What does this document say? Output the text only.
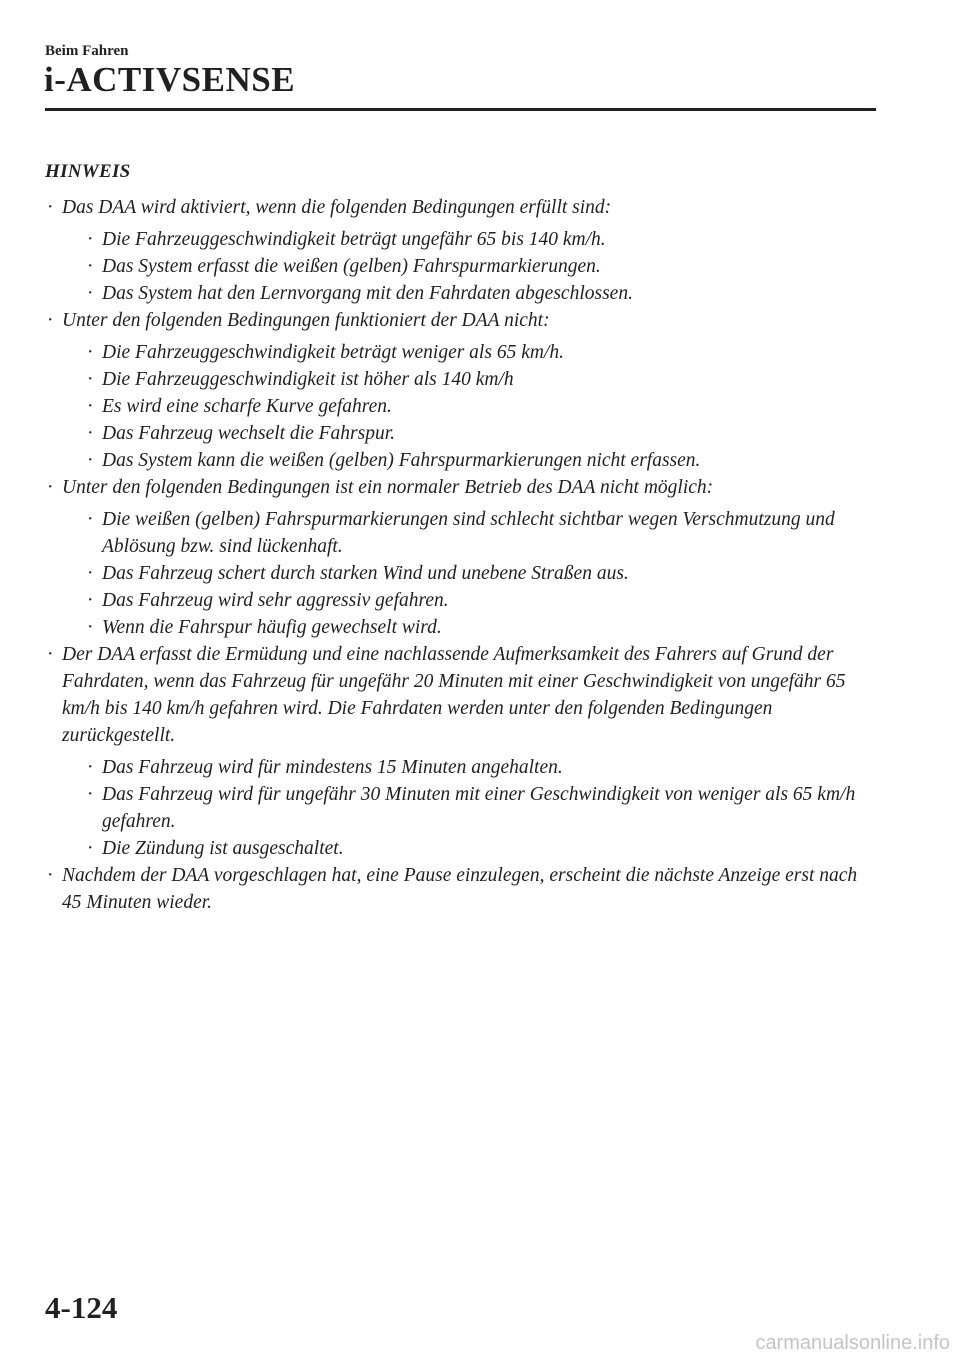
Beim Fahren
i-ACTIVSENSE
HINWEIS
· Das DAA wird aktiviert, wenn die folgenden Bedingungen erfüllt sind:
· Die Fahrzeuggeschwindigkeit beträgt ungefähr 65 bis 140 km/h.
· Das System erfasst die weißen (gelben) Fahrspurmarkierungen.
· Das System hat den Lernvorgang mit den Fahrdaten abgeschlossen.
· Unter den folgenden Bedingungen funktioniert der DAA nicht:
· Die Fahrzeuggeschwindigkeit beträgt weniger als 65 km/h.
· Die Fahrzeuggeschwindigkeit ist höher als 140 km/h
· Es wird eine scharfe Kurve gefahren.
· Das Fahrzeug wechselt die Fahrspur.
· Das System kann die weißen (gelben) Fahrspurmarkierungen nicht erfassen.
· Unter den folgenden Bedingungen ist ein normaler Betrieb des DAA nicht möglich:
· Die weißen (gelben) Fahrspurmarkierungen sind schlecht sichtbar wegen Verschmutzung und Ablösung bzw. sind lückenhaft.
· Das Fahrzeug schert durch starken Wind und unebene Straßen aus.
· Das Fahrzeug wird sehr aggressiv gefahren.
· Wenn die Fahrspur häufig gewechselt wird.
· Der DAA erfasst die Ermüdung und eine nachlassende Aufmerksamkeit des Fahrers auf Grund der Fahrdaten, wenn das Fahrzeug für ungefähr 20 Minuten mit einer Geschwindigkeit von ungefähr 65 km/h bis 140 km/h gefahren wird. Die Fahrdaten werden unter den folgenden Bedingungen zurückgestellt.
· Das Fahrzeug wird für mindestens 15 Minuten angehalten.
· Das Fahrzeug wird für ungefähr 30 Minuten mit einer Geschwindigkeit von weniger als 65 km/h gefahren.
· Die Zündung ist ausgeschaltet.
· Nachdem der DAA vorgeschlagen hat, eine Pause einzulegen, erscheint die nächste Anzeige erst nach 45 Minuten wieder.
4-124
carmanualsonline.info
